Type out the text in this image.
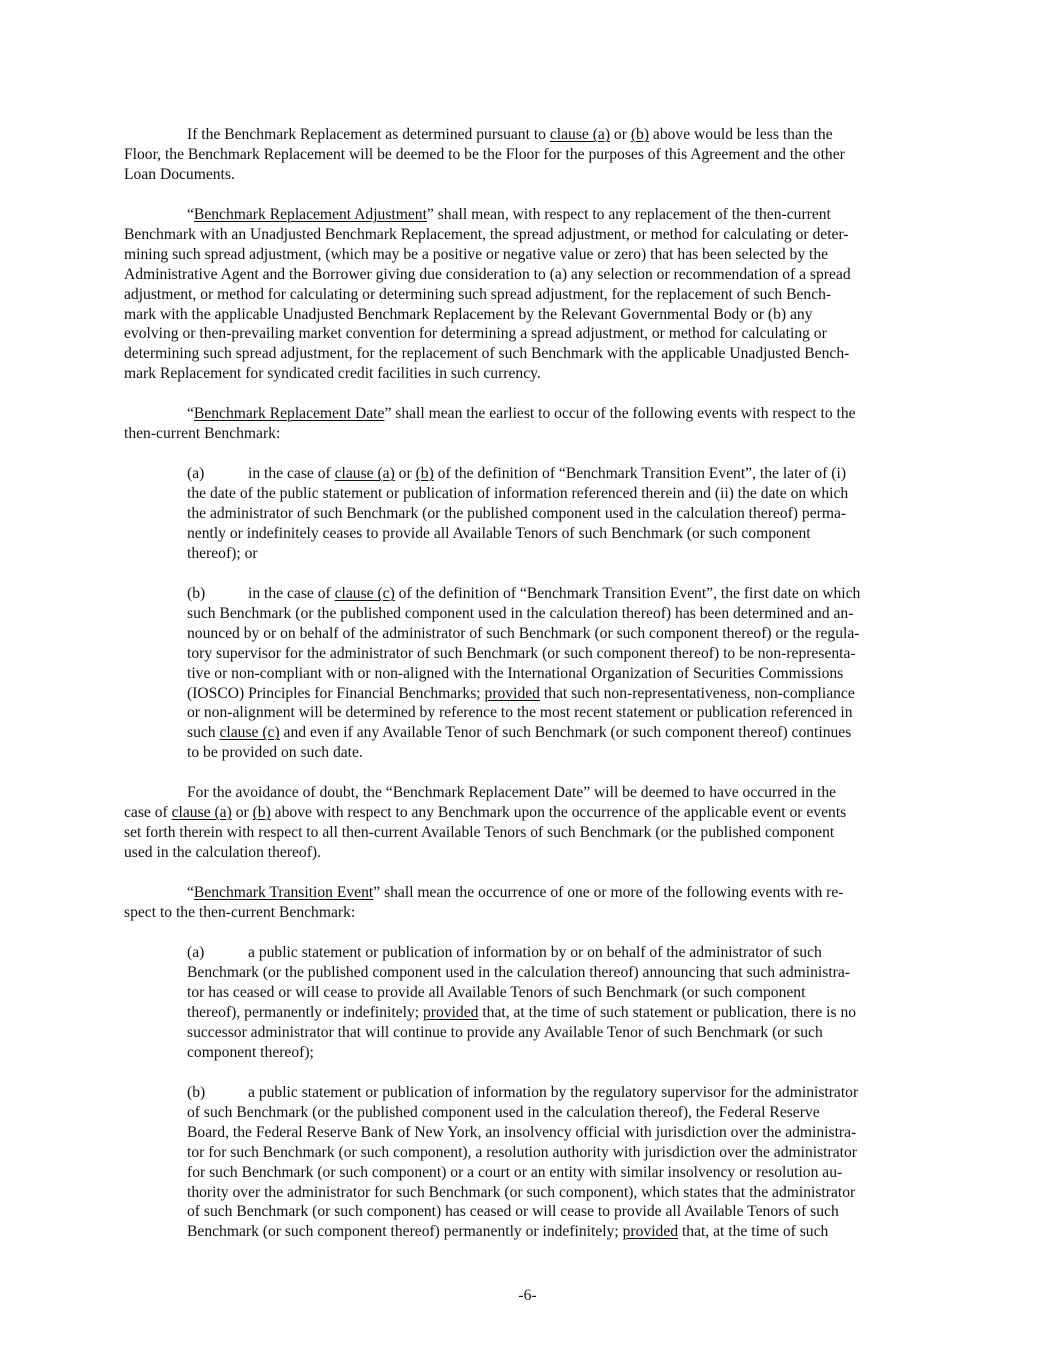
If the Benchmark Replacement as determined pursuant to clause (a) or (b) above would be less than the
Floor, the Benchmark Replacement will be deemed to be the Floor for the purposes of this Agreement and the other
Loan Documents.

“Benchmark Replacement Adjustment” shall mean, with respect to any replacement of the then-current
Benchmark with an Unadjusted Benchmark Replacement, the spread adjustment, or method for calculating or deter-
mining such spread adjustment, (which may be a positive or negative value or zero) that has been selected by the
Administrative Agent and the Borrower giving due consideration to (a) any selection or recommendation of a spread
adjustment, or method for calculating or determining such spread adjustment, for the replacement of such Bench-
mark with the applicable Unadjusted Benchmark Replacement by the Relevant Governmental Body or (b) any
evolving or then-prevailing market convention for determining a spread adjustment, or method for calculating or
determining such spread adjustment, for the replacement of such Benchmark with the applicable Unadjusted Bench-
mark Replacement for syndicated credit facilities in such currency.

“Benchmark Replacement Date” shall mean the earliest to occur of the following events with respect to the
then-current Benchmark:

(a)	in the case of clause (a) or (b) of the definition of “Benchmark Transition Event”, the later of (i)
the date of the public statement or publication of information referenced therein and (ii) the date on which
the administrator of such Benchmark (or the published component used in the calculation thereof) perma-
nently or indefinitely ceases to provide all Available Tenors of such Benchmark (or such component
thereof); or

(b)	in the case of clause (c) of the definition of “Benchmark Transition Event”, the first date on which
such Benchmark (or the published component used in the calculation thereof) has been determined and an-
nounced by or on behalf of the administrator of such Benchmark (or such component thereof) or the regula-
tory supervisor for the administrator of such Benchmark (or such component thereof) to be non-representa-
tive or non-compliant with or non-aligned with the International Organization of Securities Commissions
(IOSCO) Principles for Financial Benchmarks; provided that such non-representativeness, non-compliance
or non-alignment will be determined by reference to the most recent statement or publication referenced in
such clause (c) and even if any Available Tenor of such Benchmark (or such component thereof) continues
to be provided on such date.

For the avoidance of doubt, the “Benchmark Replacement Date” will be deemed to have occurred in the
case of clause (a) or (b) above with respect to any Benchmark upon the occurrence of the applicable event or events
set forth therein with respect to all then-current Available Tenors of such Benchmark (or the published component
used in the calculation thereof).

“Benchmark Transition Event” shall mean the occurrence of one or more of the following events with re-
spect to the then-current Benchmark:

(a)	a public statement or publication of information by or on behalf of the administrator of such
Benchmark (or the published component used in the calculation thereof) announcing that such administra-
tor has ceased or will cease to provide all Available Tenors of such Benchmark (or such component
thereof), permanently or indefinitely; provided that, at the time of such statement or publication, there is no
successor administrator that will continue to provide any Available Tenor of such Benchmark (or such
component thereof);

(b)	a public statement or publication of information by the regulatory supervisor for the administrator
of such Benchmark (or the published component used in the calculation thereof), the Federal Reserve
Board, the Federal Reserve Bank of New York, an insolvency official with jurisdiction over the administra-
tor for such Benchmark (or such component), a resolution authority with jurisdiction over the administrator
for such Benchmark (or such component) or a court or an entity with similar insolvency or resolution au-
thority over the administrator for such Benchmark (or such component), which states that the administrator
of such Benchmark (or such component) has ceased or will cease to provide all Available Tenors of such
Benchmark (or such component thereof) permanently or indefinitely; provided that, at the time of such

-6-
